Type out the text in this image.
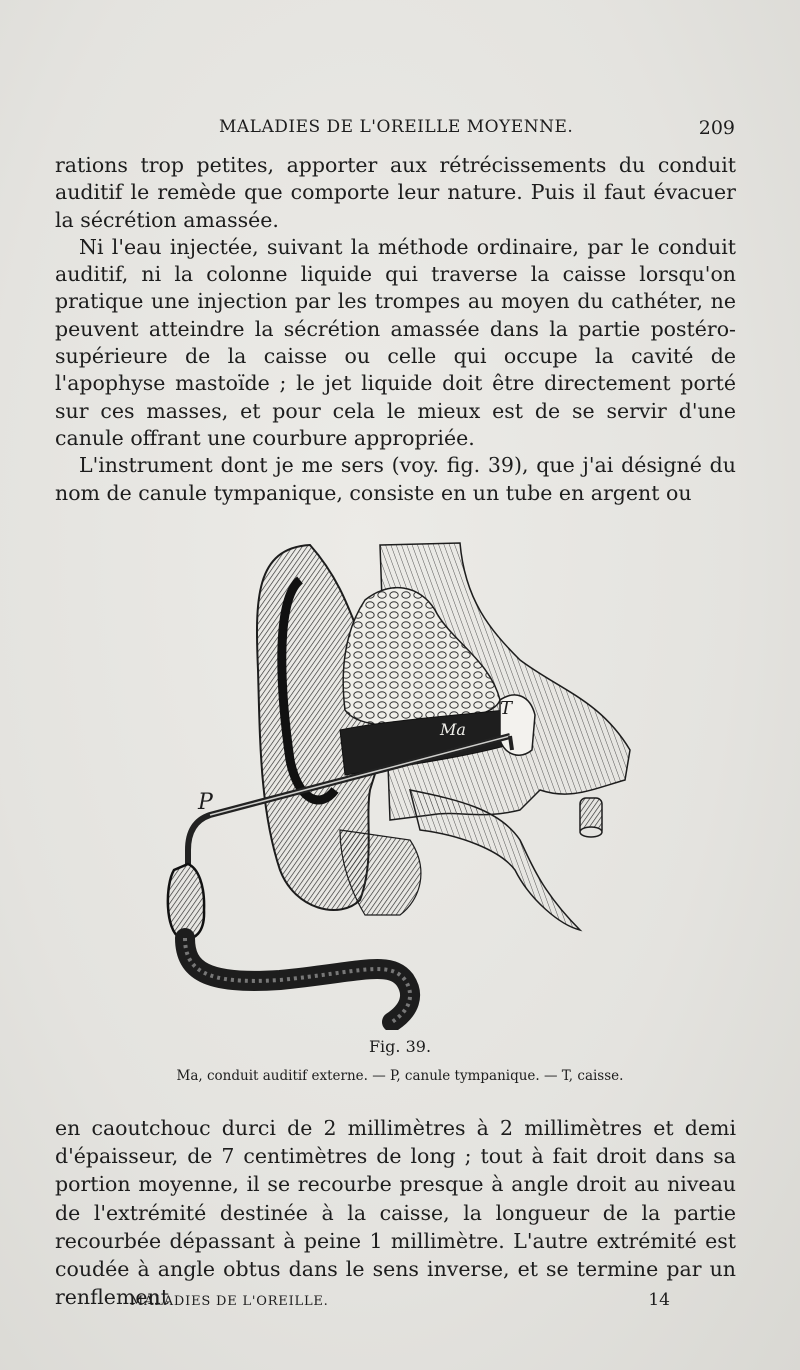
MALADIES DE L'OREILLE MOYENNE.	209

rations trop petites, apporter aux rétrécissements du conduit auditif le remède que comporte leur nature. Puis il faut évacuer la sécrétion amassée.

Ni l'eau injectée, suivant la méthode ordinaire, par le conduit auditif, ni la colonne liquide qui traverse la caisse lorsqu'on pratique une injection par les trompes au moyen du cathéter, ne peuvent atteindre la sécrétion amassée dans la partie postéro-supérieure de la caisse ou celle qui occupe la cavité de l'apophyse mastoïde ; le jet liquide doit être directement porté sur ces masses, et pour cela le mieux est de se servir d'une canule offrant une courbure appropriée.

L'instrument dont je me sers (voy. fig. 39), que j'ai désigné du nom de canule tympanique, consiste en un tube en argent ou

P
Ma
T
Fig. 39.
Ma, conduit auditif externe. — P, canule tympanique. — T, caisse.

en caoutchouc durci de 2 millimètres à 2 millimètres et demi d'épaisseur, de 7 centimètres de long ; tout à fait droit dans sa portion moyenne, il se recourbe presque à angle droit au niveau de l'extrémité destinée à la caisse, la longueur de la partie recourbée dépassant à peine 1 millimètre. L'autre extrémité est coudée à angle obtus dans le sens inverse, et se termine par un renflement

MALADIES DE L'OREILLE.	14
